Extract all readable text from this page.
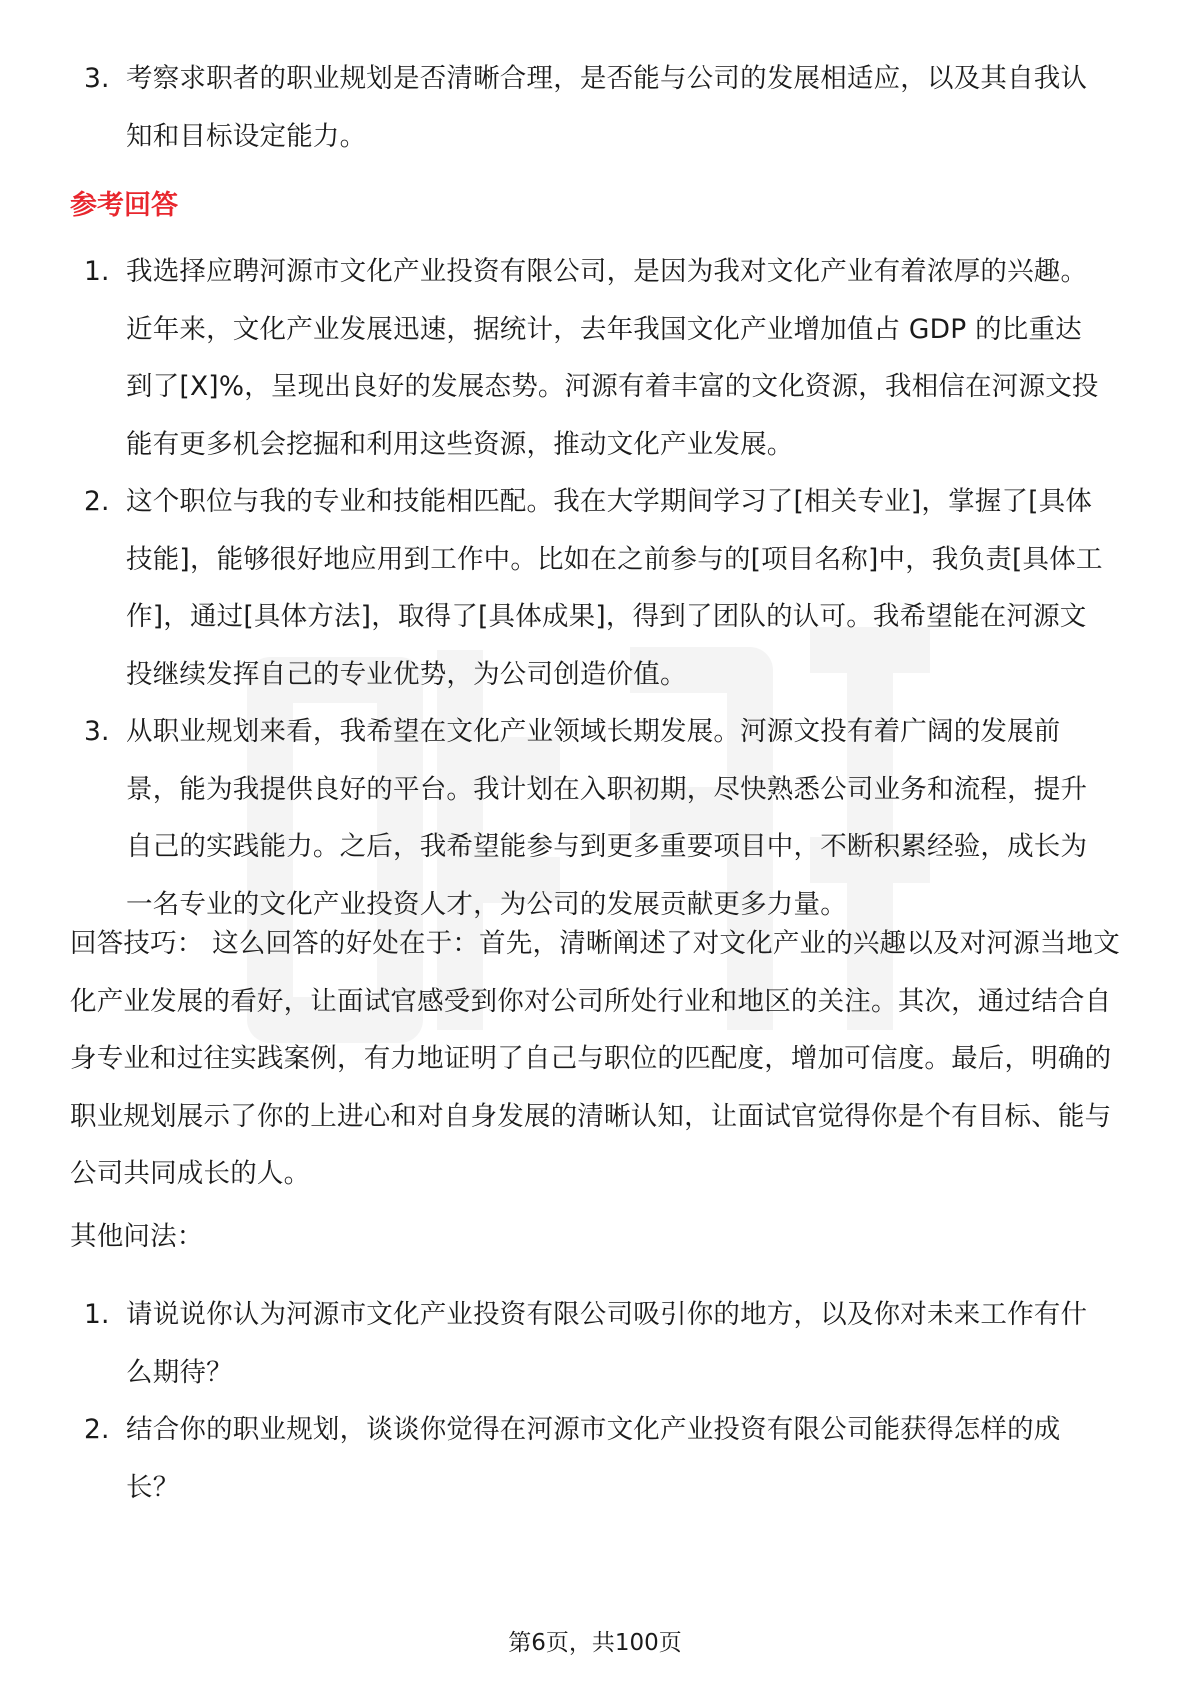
3. 考察求职者的职业规划是否清晰合理，是否能与公司的发展相适应，以及其自我认知和目标设定能力。
参考回答
1. 我选择应聘河源市文化产业投资有限公司，是因为我对文化产业有着浓厚的兴趣。近年来，文化产业发展迅速，据统计，去年我国文化产业增加值占 GDP 的比重达到了[X]%，呈现出良好的发展态势。河源有着丰富的文化资源，我相信在河源文投能有更多机会挖掘和利用这些资源，推动文化产业发展。
2. 这个职位与我的专业和技能相匹配。我在大学期间学习了[相关专业]，掌握了[具体技能]，能够很好地应用到工作中。比如在之前参与的[项目名称]中，我负责[具体工作]，通过[具体方法]，取得了[具体成果]，得到了团队的认可。我希望能在河源文投继续发挥自己的专业优势，为公司创造价值。
3. 从职业规划来看，我希望在文化产业领域长期发展。河源文投有着广阔的发展前景，能为我提供良好的平台。我计划在入职初期，尽快熟悉公司业务和流程，提升自己的实践能力。之后，我希望能参与到更多重要项目中，不断积累经验，成长为一名专业的文化产业投资人才，为公司的发展贡献更多力量。
回答技巧： 这么回答的好处在于：首先，清晰阐述了对文化产业的兴趣以及对河源当地文化产业发展的看好，让面试官感受到你对公司所处行业和地区的关注。其次，通过结合自身专业和过往实践案例，有力地证明了自己与职位的匹配度，增加可信度。最后，明确的职业规划展示了你的上进心和对自身发展的清晰认知，让面试官觉得你是个有目标、能与公司共同成长的人。
其他问法：
1. 请说说你认为河源市文化产业投资有限公司吸引你的地方，以及你对未来工作有什么期待？
2. 结合你的职业规划，谈谈你觉得在河源市文化产业投资有限公司能获得怎样的成长？
第6页，共100页
